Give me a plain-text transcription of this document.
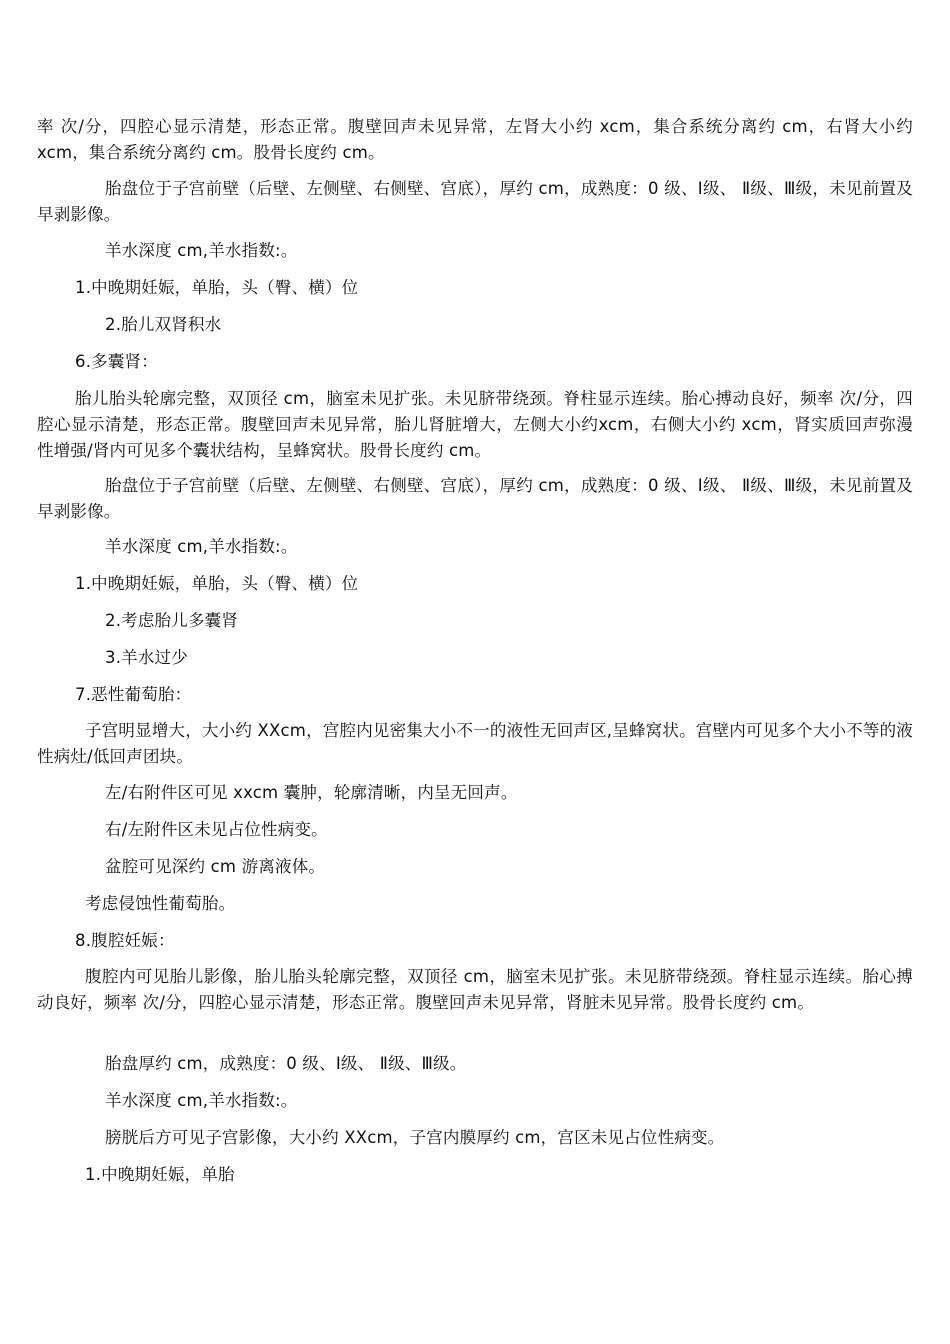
率 次/分，四腔心显示清楚，形态正常。腹壁回声未见异常，左肾大小约 xcm，集合系统分离约 cm，右肾大小约 xcm，集合系统分离约 cm。股骨长度约 cm。
胎盘位于子宫前壁（后壁、左侧壁、右侧壁、宫底），厚约 cm，成熟度：0 级、Ⅰ级、 Ⅱ级、Ⅲ级，未见前置及早剥影像。
羊水深度 cm,羊水指数:。
1.中晚期妊娠，单胎，头（臀、横）位
2.胎儿双肾积水
6.多囊肾：
胎儿胎头轮廓完整，双顶径 cm，脑室未见扩张。未见脐带绕颈。脊柱显示连续。胎心搏动良好，频率 次/分，四腔心显示清楚，形态正常。腹壁回声未见异常，胎儿肾脏增大，左侧大小约xcm，右侧大小约 xcm，肾实质回声弥漫性增强/肾内可见多个囊状结构，呈蜂窝状。股骨长度约 cm。
胎盘位于子宫前壁（后壁、左侧壁、右侧壁、宫底），厚约 cm，成熟度：0 级、Ⅰ级、 Ⅱ级、Ⅲ级，未见前置及早剥影像。
羊水深度 cm,羊水指数:。
1.中晚期妊娠，单胎，头（臀、横）位
2.考虑胎儿多囊肾
3.羊水过少
7.恶性葡萄胎：
子宫明显增大，大小约 XXcm，宫腔内见密集大小不一的液性无回声区,呈蜂窝状。宫壁内可见多个大小不等的液性病灶/低回声团块。
左/右附件区可见 xxcm 囊肿，轮廓清晰，内呈无回声。
右/左附件区未见占位性病变。
盆腔可见深约 cm 游离液体。
考虑侵蚀性葡萄胎。
8.腹腔妊娠：
腹腔内可见胎儿影像，胎儿胎头轮廓完整，双顶径 cm，脑室未见扩张。未见脐带绕颈。脊柱显示连续。胎心搏动良好，频率 次/分，四腔心显示清楚，形态正常。腹壁回声未见异常，肾脏未见异常。股骨长度约 cm。
胎盘厚约 cm，成熟度：0 级、Ⅰ级、 Ⅱ级、Ⅲ级。
羊水深度 cm,羊水指数:。
膀胱后方可见子宫影像，大小约 XXcm，子宫内膜厚约 cm，宫区未见占位性病变。
1.中晚期妊娠，单胎
